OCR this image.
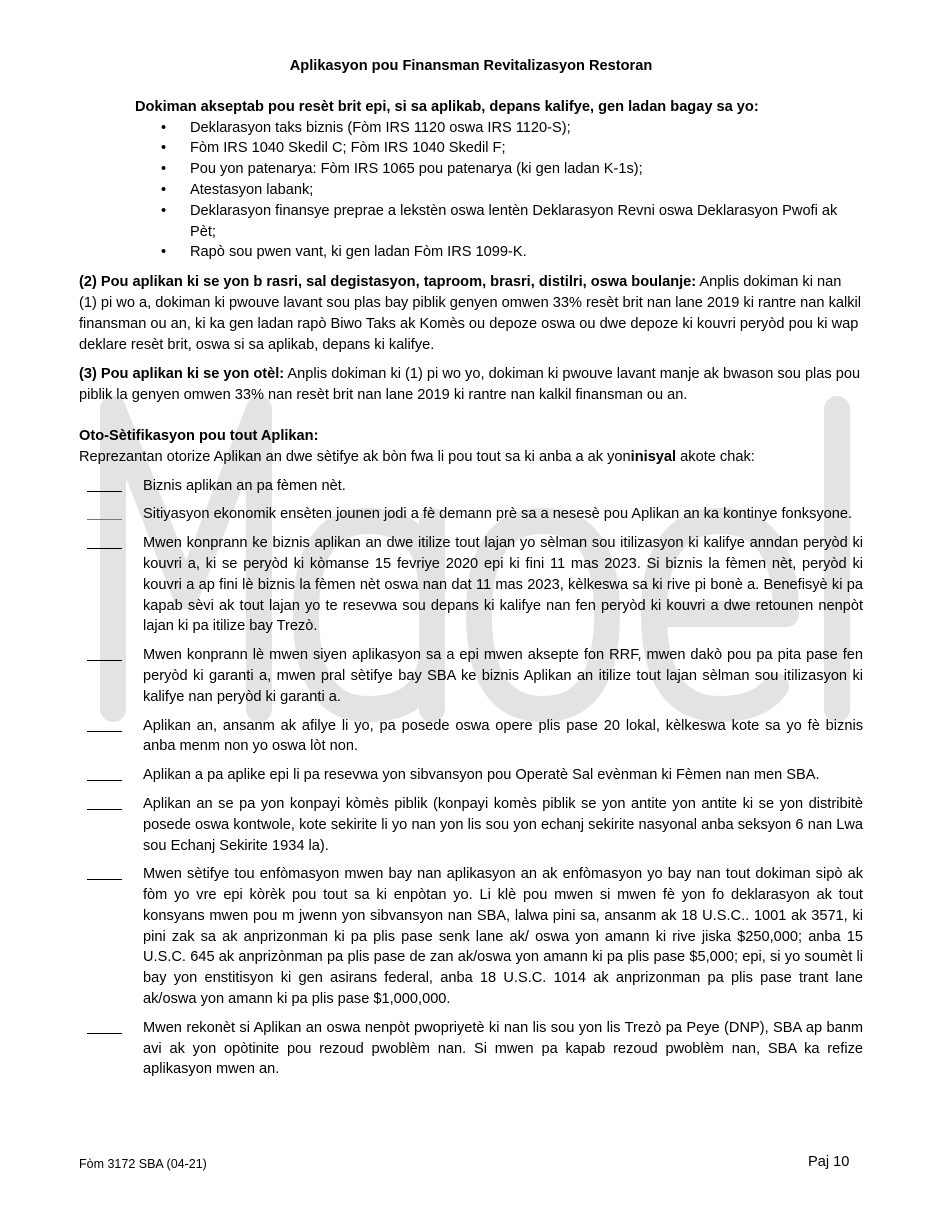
Model
Aplikasyon pou Finansman Revitalizasyon Restoran
Dokiman akseptab pou resèt brit epi, si sa aplikab, depans kalifye, gen ladan bagay sa yo:
• Deklarasyon taks biznis (Fòm IRS 1120 oswa IRS 1120-S);
• Fòm IRS 1040 Skedil C; Fòm IRS 1040 Skedil F;
• Pou yon patenarya: Fòm IRS 1065 pou patenarya (ki gen ladan K-1s);
• Atestasyon labank;
• Deklarasyon finansye preprae a lekstèn oswa lentèn Deklarasyon Revni oswa Deklarasyon Pwofi ak Pèt;
• Rapò sou pwen vant, ki gen ladan Fòm IRS 1099-K.

(2) Pou aplikan ki se yon b rasri, sal degistasyon, taproom, brasri, distilri, oswa boulanje: Anplis dokiman ki nan (1) pi wo a, dokiman ki pwouve lavant sou plas bay piblik genyen omwen 33% resèt brit nan lane 2019 ki rantre nan kalkil finansman ou an, ki ka gen ladan rapò Biwo Taks ak Komès ou depoze oswa ou dwe depoze ki kouvri peryòd pou ki wap deklare resèt brit, oswa si sa aplikab, depans ki kalifye.

(3) Pou aplikan ki se yon otèl: Anplis dokiman ki (1) pi wo yo, dokiman ki pwouve lavant manje ak bwason sou plas pou piblik la genyen omwen 33% nan resèt brit nan lane 2019 ki rantre nan kalkil finansman ou an.

Oto-Sètifikasyon pou tout Aplikan:
Reprezantan otorize Aplikan an dwe sètifye ak bòn fwa li pou tout sa ki anba a ak yoninisyal akote chak:
Biznis aplikan an pa fèmen nèt.
Sitiyasyon ekonomik ensèten jounen jodi a fè demann prè sa a nesesè pou Aplikan an ka kontinye fonksyone.
Mwen konprann ke biznis aplikan an dwe itilize tout lajan yo sèlman sou itilizasyon ki kalifye anndan peryòd ki kouvri a, ki se peryòd ki kòmanse 15 fevriye 2020 epi ki fini 11 mas 2023. Si biznis la fèmen nèt, peryòd ki kouvri a ap fini lè biznis la fèmen nèt oswa nan dat 11 mas 2023, kèlkeswa sa ki rive pi bonè a. Benefisyè ki pa kapab sèvi ak tout lajan yo te resevwa sou depans ki kalifye nan fen peryòd ki kouvri a dwe retounen nenpòt lajan ki pa itilize bay Trezò.
Mwen konprann lè mwen siyen aplikasyon sa a epi mwen aksepte fon RRF, mwen dakò pou pa pita pase fen peryòd ki garanti a, mwen pral sètifye bay SBA ke biznis Aplikan an itilize tout lajan sèlman sou itilizasyon ki kalifye nan peryòd ki garanti a.
Aplikan an, ansanm ak afilye li yo, pa posede oswa opere plis pase 20 lokal, kèlkeswa kote sa yo fè biznis anba menm non yo oswa lòt non.
Aplikan a pa aplike epi li pa resevwa yon sibvansyon pou Operatè Sal evènman ki Fèmen nan men SBA.
Aplikan an se pa yon konpayi kòmès piblik (konpayi komès piblik se yon antite yon antite ki se yon distribitè posede oswa kontwole, kote sekirite li yo nan yon lis sou yon echanj sekirite nasyonal anba seksyon 6 nan Lwa sou Echanj Sekirite 1934 la).
Mwen sètifye tou enfòmasyon mwen bay nan aplikasyon an ak enfòmasyon yo bay nan tout dokiman sipò ak fòm yo vre epi kòrèk pou tout sa ki enpòtan yo. Li klè pou mwen si mwen fè yon fo deklarasyon ak tout konsyans mwen pou m jwenn yon sibvansyon nan SBA, lalwa pini sa, ansanm ak 18 U.S.C.. 1001 ak 3571, ki pini zak sa ak anprizonman ki pa plis pase senk lane ak/ oswa yon amann ki rive jiska $250,000; anba 15 U.S.C. 645 ak anprizònman pa plis pase de zan ak/oswa yon amann ki pa plis pase $5,000; epi, si yo soumèt li bay yon enstitisyon ki gen asirans federal, anba 18 U.S.C. 1014 ak anprizonman pa plis pase trant lane ak/oswa yon amann ki pa plis pase $1,000,000.
Mwen rekonèt si Aplikan an oswa nenpòt pwopriyetè ki nan lis sou yon lis Trezò pa Peye (DNP), SBA ap banm avi ak yon opòtinite pou rezoud pwoblèm nan. Si mwen pa kapab rezoud pwoblèm nan, SBA ka refize aplikasyon mwen an.
Fòm 3172 SBA (04-21)	Paj 10
